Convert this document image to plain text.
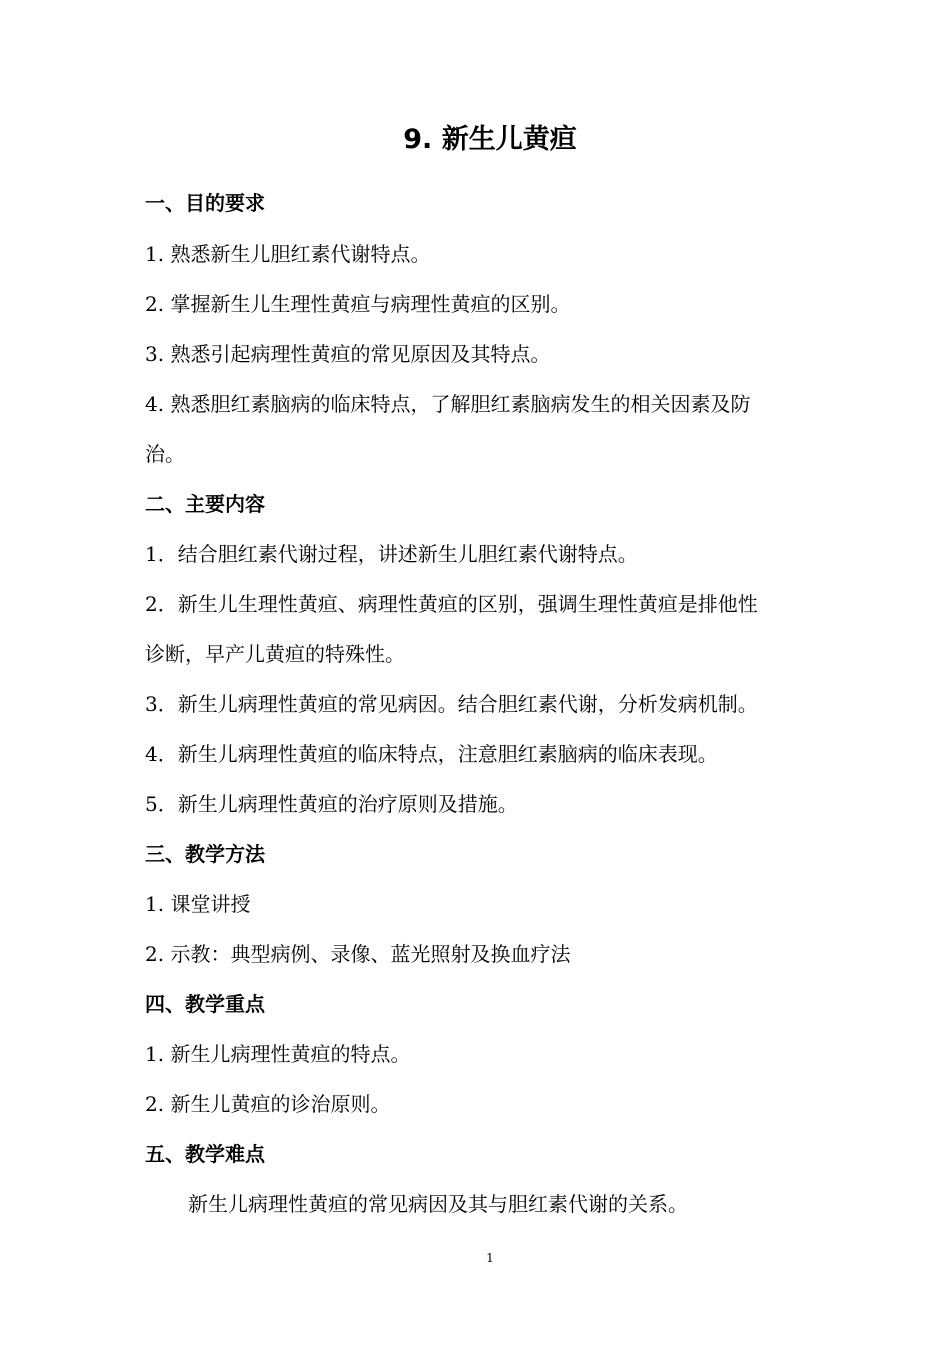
9. 新生儿黄疸
一、目的要求
1. 熟悉新生儿胆红素代谢特点。
2. 掌握新生儿生理性黄疸与病理性黄疸的区别。
3. 熟悉引起病理性黄疸的常见原因及其特点。
4. 熟悉胆红素脑病的临床特点，了解胆红素脑病发生的相关因素及防
治。
二、主要内容
1．结合胆红素代谢过程，讲述新生儿胆红素代谢特点。
2．新生儿生理性黄疸、病理性黄疸的区别，强调生理性黄疸是排他性
诊断，早产儿黄疸的特殊性。
3．新生儿病理性黄疸的常见病因。结合胆红素代谢，分析发病机制。
4．新生儿病理性黄疸的临床特点，注意胆红素脑病的临床表现。
5．新生儿病理性黄疸的治疗原则及措施。
三、教学方法
1. 课堂讲授
2. 示教：典型病例、录像、蓝光照射及换血疗法
四、教学重点
1. 新生儿病理性黄疸的特点。
2. 新生儿黄疸的诊治原则。
五、教学难点
新生儿病理性黄疸的常见病因及其与胆红素代谢的关系。
1
